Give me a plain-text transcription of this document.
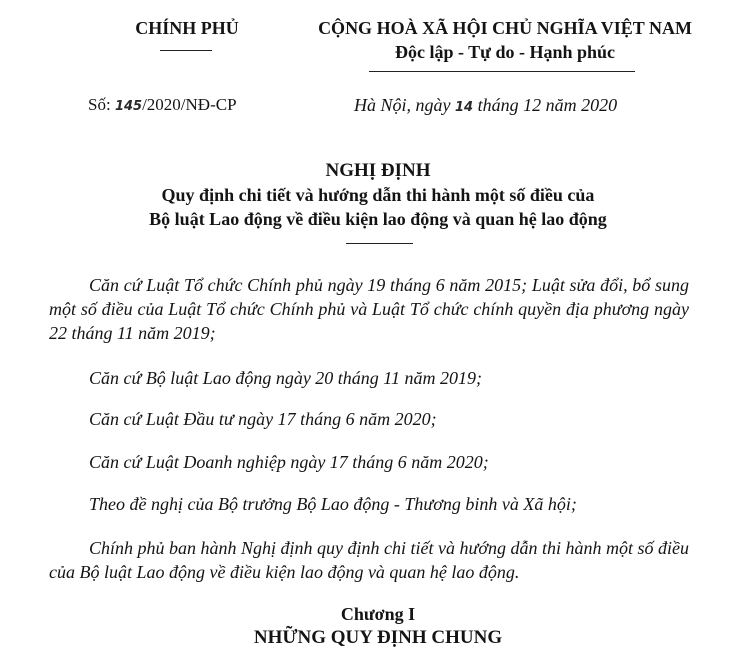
CHÍNH PHỦ	CỘNG HOÀ XÃ HỘI CHỦ NGHĨA VIỆT NAM
Độc lập - Tự do - Hạnh phúc
Số: 145/2020/NĐ-CP	Hà Nội, ngày 14 tháng 12 năm 2020
NGHỊ ĐỊNH
Quy định chi tiết và hướng dẫn thi hành một số điều của
Bộ luật Lao động về điều kiện lao động và quan hệ lao động

Căn cứ Luật Tổ chức Chính phủ ngày 19 tháng 6 năm 2015; Luật sửa đổi, bổ sung một số điều của Luật Tổ chức Chính phủ và Luật Tổ chức chính quyền địa phương ngày 22 tháng 11 năm 2019;

Căn cứ Bộ luật Lao động ngày 20 tháng 11 năm 2019;
Căn cứ Luật Đầu tư ngày 17 tháng 6 năm 2020;
Căn cứ Luật Doanh nghiệp ngày 17 tháng 6 năm 2020;
Theo đề nghị của Bộ trưởng Bộ Lao động - Thương binh và Xã hội;

Chính phủ ban hành Nghị định quy định chi tiết và hướng dẫn thi hành một số điều của Bộ luật Lao động về điều kiện lao động và quan hệ lao động.

Chương I
NHỮNG QUY ĐỊNH CHUNG
